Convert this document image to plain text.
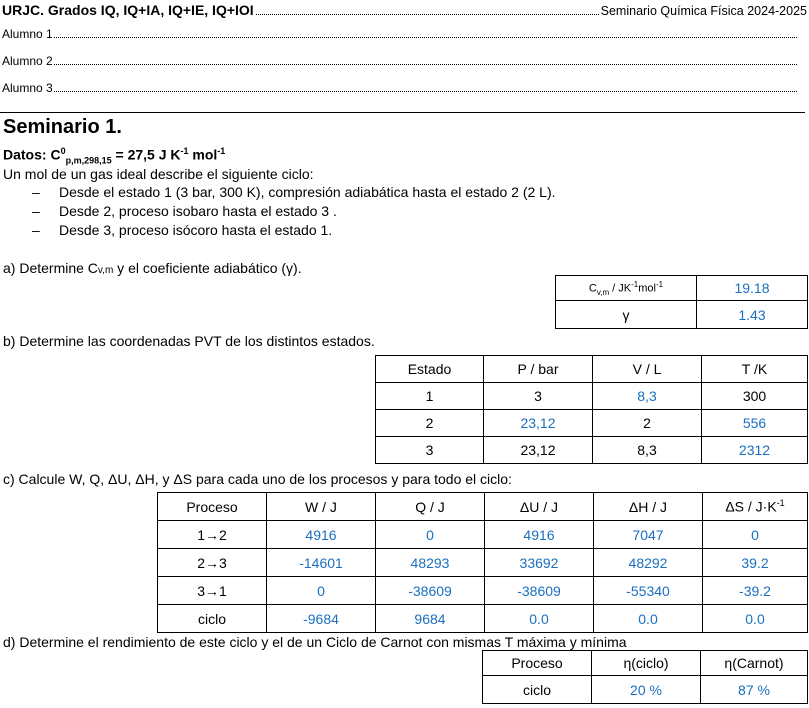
URJC. Grados IQ, IQ+IA, IQ+IE, IQ+IOI	Seminario Química Física 2024-2025
Alumno 1
Alumno 2
Alumno 3
Seminario 1.
Datos: $C^0_{p,m,298,15} = 27,5$ J $K^{-1}$ mol$^{-1}$
Un mol de un gas ideal describe el siguiente ciclo:
– Desde el estado 1 (3 bar, 300 K), compresión adiabática hasta el estado 2 (2 L).
– Desde 2, proceso isobaro hasta el estado 3 .
– Desde 3, proceso isócoro hasta el estado 1.
a) Determine Cv,m y el coeficiente adiabático (γ).
$C_{v,m} / JK^{-1}mol^{-1}$	19.18
γ	1.43
b) Determine las coordenadas PVT de los distintos estados.
Estado	P / bar	V / L	T /K
1	3	8,3	300
2	23,12	2	556
3	23,12	8,3	2312
c) Calcule W, Q, ΔU, ΔH, y ΔS para cada uno de los procesos y para todo el ciclo:
Proceso	W / J	Q / J	ΔU / J	ΔH / J	$\Delta S / J\cdot K^{-1}$
1→2	4916	0	4916	7047	0
2→3	-14601	48293	33692	48292	39.2
3→1	0	-38609	-38609	-55340	-39.2
ciclo	-9684	9684	0.0	0.0	0.0
d) Determine el rendimiento de este ciclo y el de un Ciclo de Carnot con mismas T máxima y mínima
Proceso	η(ciclo)	η(Carnot)
ciclo	20 %	87 %
